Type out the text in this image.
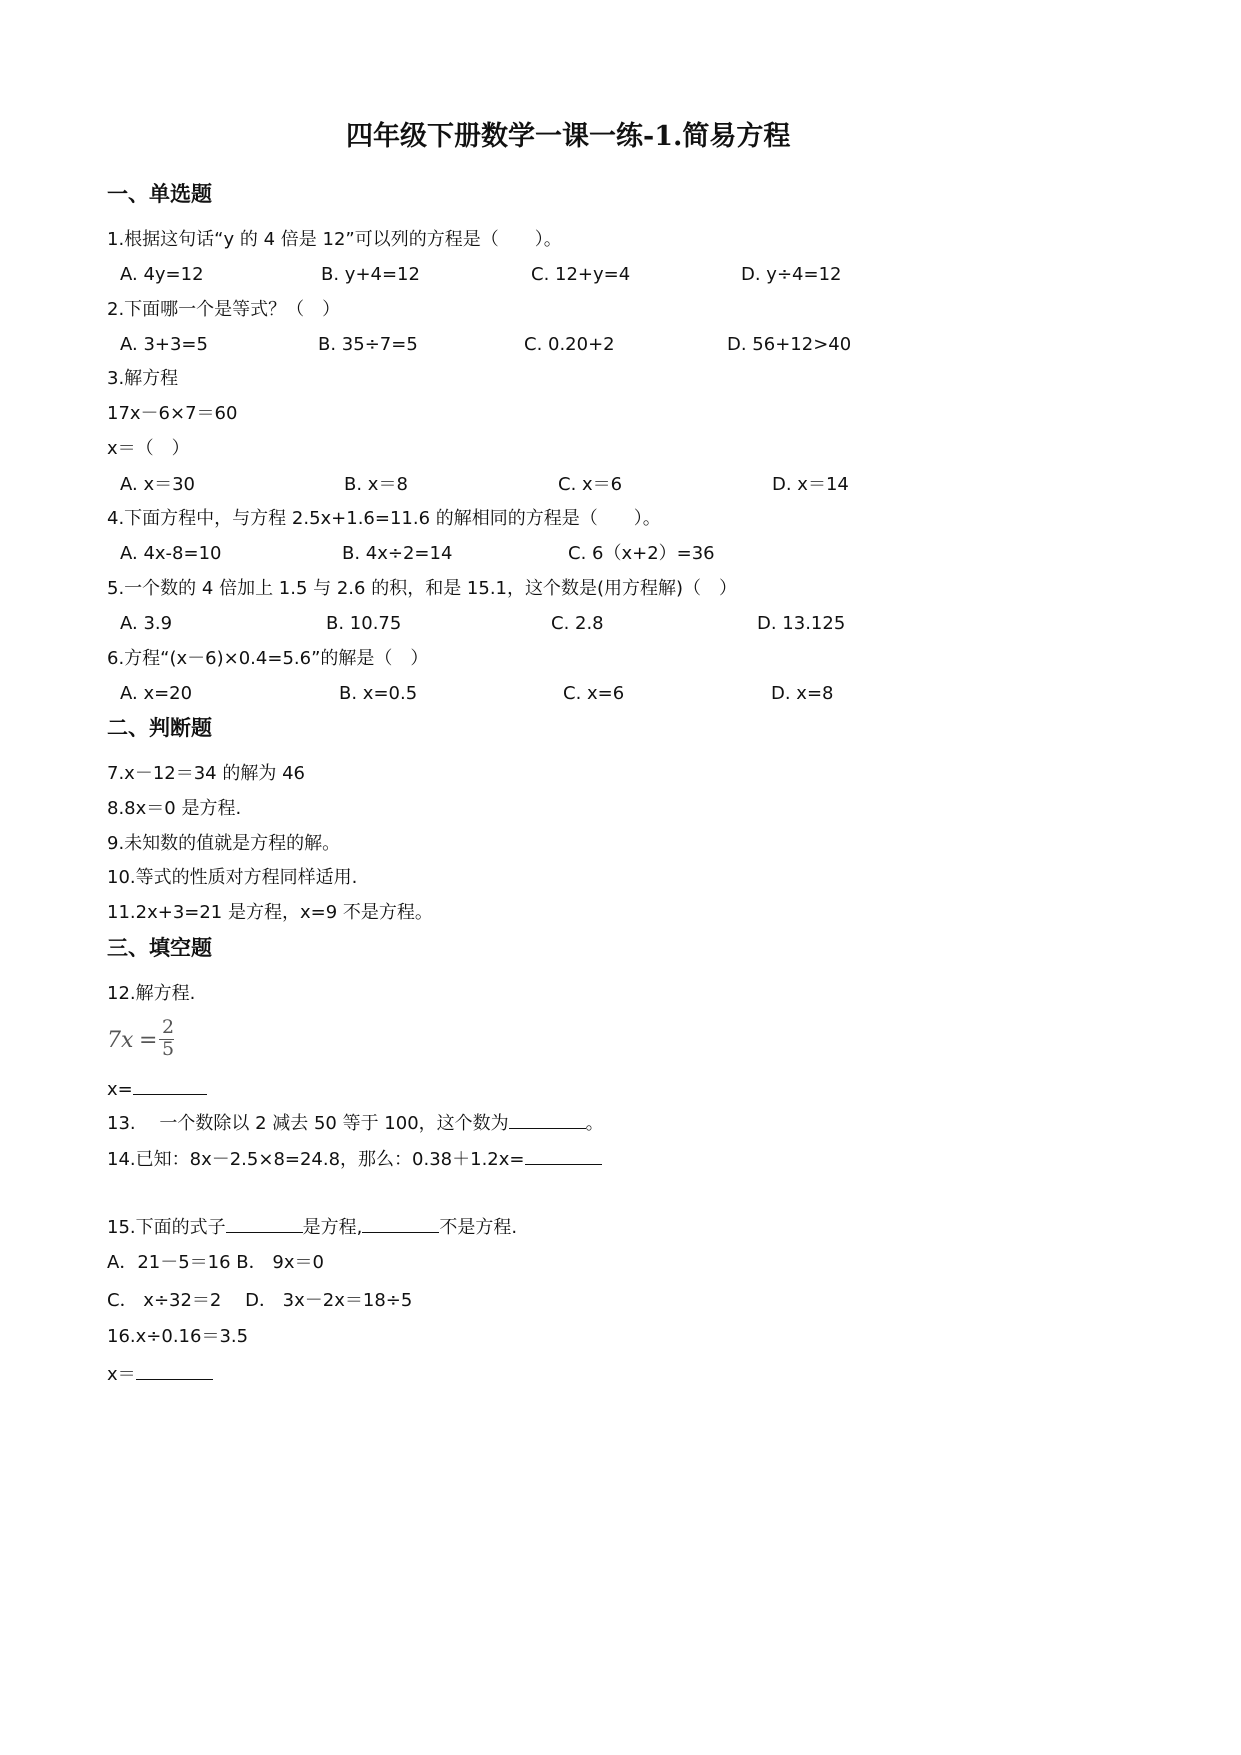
四年级下册数学一课一练-1.简易方程
一、单选题
1.根据这句话“y 的 4 倍是 12”可以列的方程是（　　）。
A. 4y=12	B. y+4=12	C. 12+y=4	D. y÷4=12
2.下面哪一个是等式？（　）
A. 3+3=5	B. 35÷7=5	C. 0.20+2	D. 56+12>40
3.解方程
17x－6×7＝60
x＝（　）
A. x＝30	B. x＝8	C. x＝6	D. x＝14
4.下面方程中，与方程 2.5x+1.6=11.6 的解相同的方程是（　　）。
A. 4x-8=10	B. 4x÷2=14	C. 6（x+2）=36
5.一个数的 4 倍加上 1.5 与 2.6 的积，和是 15.1，这个数是(用方程解)（　）
A. 3.9	B. 10.75	C. 2.8	D. 13.125
6.方程“(x－6)×0.4=5.6”的解是（　）
A. x=20	B. x=0.5	C. x=6	D. x=8
二、判断题
7.x－12＝34 的解为 46
8.8x＝0 是方程.
9.未知数的值就是方程的解。
10.等式的性质对方程同样适用.
11.2x+3=21 是方程，x=9 不是方程。
三、填空题
12.解方程.
7x =
2
5
x=
13.　 一个数除以 2 减去 50 等于 100，这个数为	。
14.已知：8x－2.5×8=24.8，那么：0.38＋1.2x=
15.下面的式子	是方程,	不是方程.
A．21－5＝16 B． 9x＝0
C． x÷32＝2　 D． 3x－2x＝18÷5
16.x÷0.16＝3.5
x＝
